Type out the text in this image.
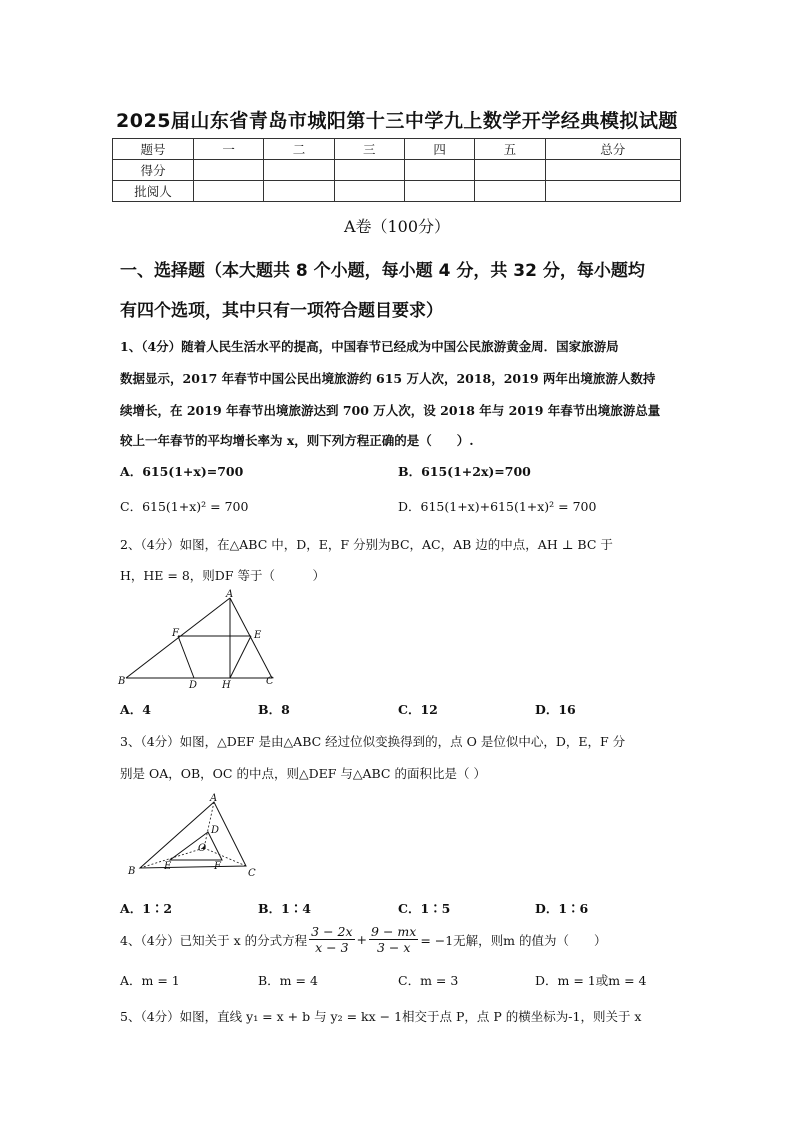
2025届山东省青岛市城阳第十三中学九上数学开学经典模拟试题
题号	一	二	三	四	五	总分
得分						
批阅人						
A卷（100分）
一、选择题（本大题共 8 个小题，每小题 4 分，共 32 分，每小题均
有四个选项，其中只有一项符合题目要求）
1、（4分）随着人民生活水平的提高，中国春节已经成为中国公民旅游黄金周．国家旅游局
数据显示，2017 年春节中国公民出境旅游约 615 万人次，2018，2019 两年出境旅游人数持
续增长，在 2019 年春节出境旅游达到 700 万人次，设 2018 年与 2019 年春节出境旅游总量
较上一年春节的平均增长率为 x，则下列方程正确的是（　　）.
A．615(1+x)=700	B．615(1+2x)=700
C．615(1+x)² = 700	D．615(1+x)+615(1+x)² = 700
2、（4分）如图，在△ABC 中，D，E，F 分别为BC，AC，AB 边的中点，AH ⊥ BC 于
H，HE = 8，则DF 等于（　　　）
A
B	C
D
E
F
H
A．4	B．8	C．12	D．16
3、（4分）如图，△DEF 是由△ABC 经过位似变换得到的，点 O 是位似中心，D，E，F 分
别是 OA，OB，OC 的中点，则△DEF 与△ABC 的面积比是（ ）
A
B	C
D
E	F
O
A．1∶2	B．1∶4	C．1∶5	D．1∶6
4、（4分）已知关于 x 的分式方程 $\frac{3 - 2x}{x - 3} + \frac{9 - mx}{3 - x} = -1$无解，则m 的值为（　　）
A．m = 1	B．m = 4	C．m = 3	D．m = 1或m = 4
5、（4分）如图，直线 y₁ = x + b 与 y₂ = kx − 1相交于点 P，点 P 的横坐标为-1，则关于 x
